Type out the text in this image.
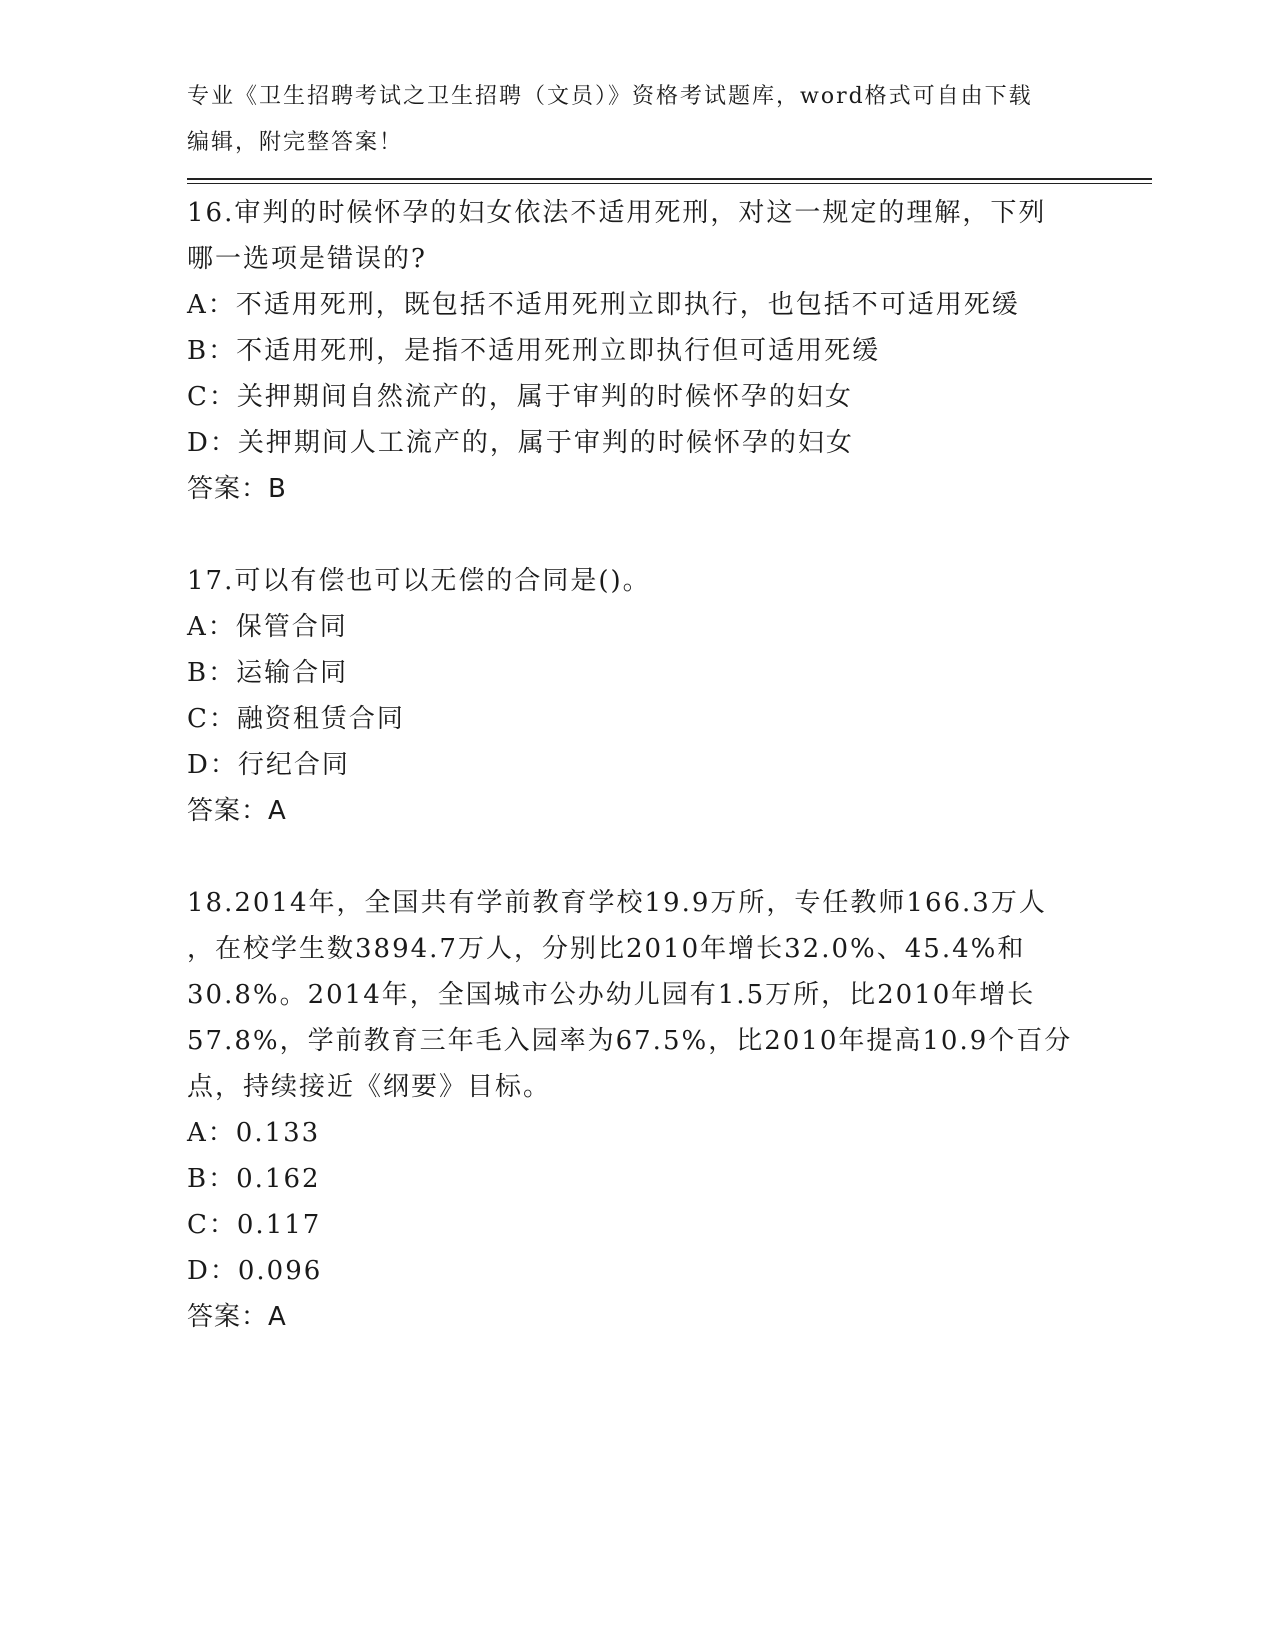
专业《卫生招聘考试之卫生招聘（文员）》资格考试题库，word格式可自由下载
编辑，附完整答案！
16.审判的时候怀孕的妇女依法不适用死刑，对这一规定的理解，下列
哪一选项是错误的?
A：不适用死刑，既包括不适用死刑立即执行，也包括不可适用死缓
B：不适用死刑，是指不适用死刑立即执行但可适用死缓
C：关押期间自然流产的，属于审判的时候怀孕的妇女
D：关押期间人工流产的，属于审判的时候怀孕的妇女
答案：B
17.可以有偿也可以无偿的合同是()。
A：保管合同
B：运输合同
C：融资租赁合同
D：行纪合同
答案：A
18.2014年，全国共有学前教育学校19.9万所，专任教师166.3万人
，在校学生数3894.7万人，分别比2010年增长32.0%、45.4%和
30.8%。2014年，全国城市公办幼儿园有1.5万所，比2010年增长
57.8%，学前教育三年毛入园率为67.5%，比2010年提高10.9个百分
点，持续接近《纲要》目标。
A：0.133
B：0.162
C：0.117
D：0.096
答案：A
